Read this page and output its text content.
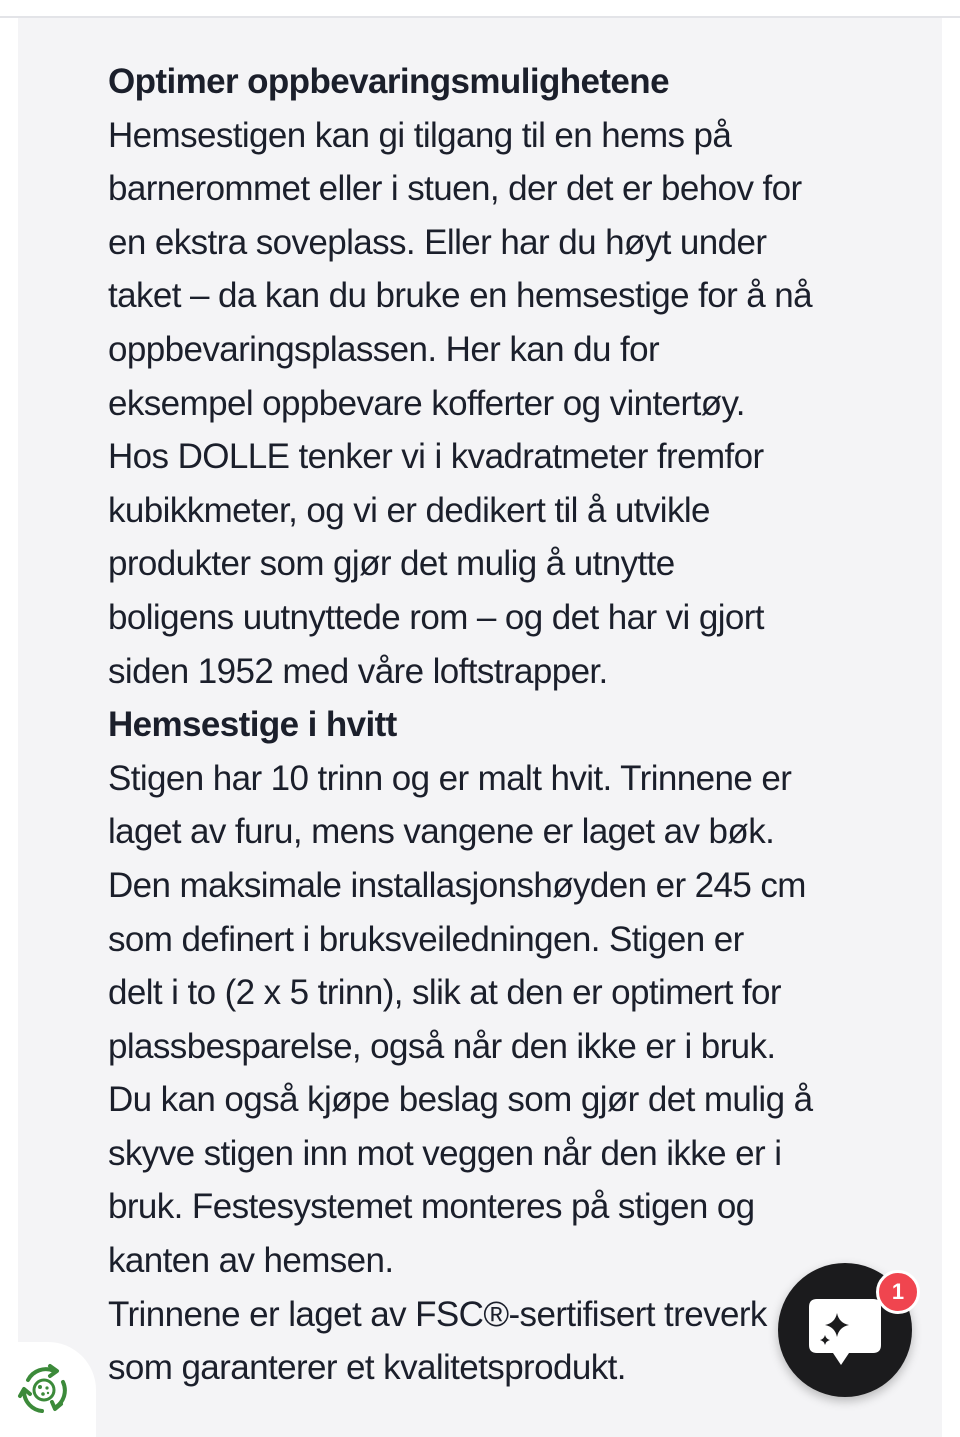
Optimer oppbevaringsmulighetene

Hemsestigen kan gi tilgang til en hems på
barnerommet eller i stuen, der det er behov for
en ekstra soveplass. Eller har du høyt under
taket – da kan du bruke en hemsestige for å nå
oppbevaringsplassen. Her kan du for
eksempel oppbevare kofferter og vintertøy.
Hos DOLLE tenker vi i kvadratmeter fremfor
kubikkmeter, og vi er dedikert til å utvikle
produkter som gjør det mulig å utnytte
boligens uutnyttede rom – og det har vi gjort
siden 1952 med våre loftstrapper.

Hemsestige i hvitt

Stigen har 10 trinn og er malt hvit. Trinnene er
laget av furu, mens vangene er laget av bøk.
Den maksimale installasjonshøyden er 245 cm
som definert i bruksveiledningen. Stigen er
delt i to (2 x 5 trinn), slik at den er optimert for
plassbesparelse, også når den ikke er i bruk.
Du kan også kjøpe beslag som gjør det mulig å
skyve stigen inn mot veggen når den ikke er i
bruk. Festesystemet monteres på stigen og
kanten av hemsen.
Trinnene er laget av FSC®-sertifisert treverk
som garanterer et kvalitetsprodukt.

1
